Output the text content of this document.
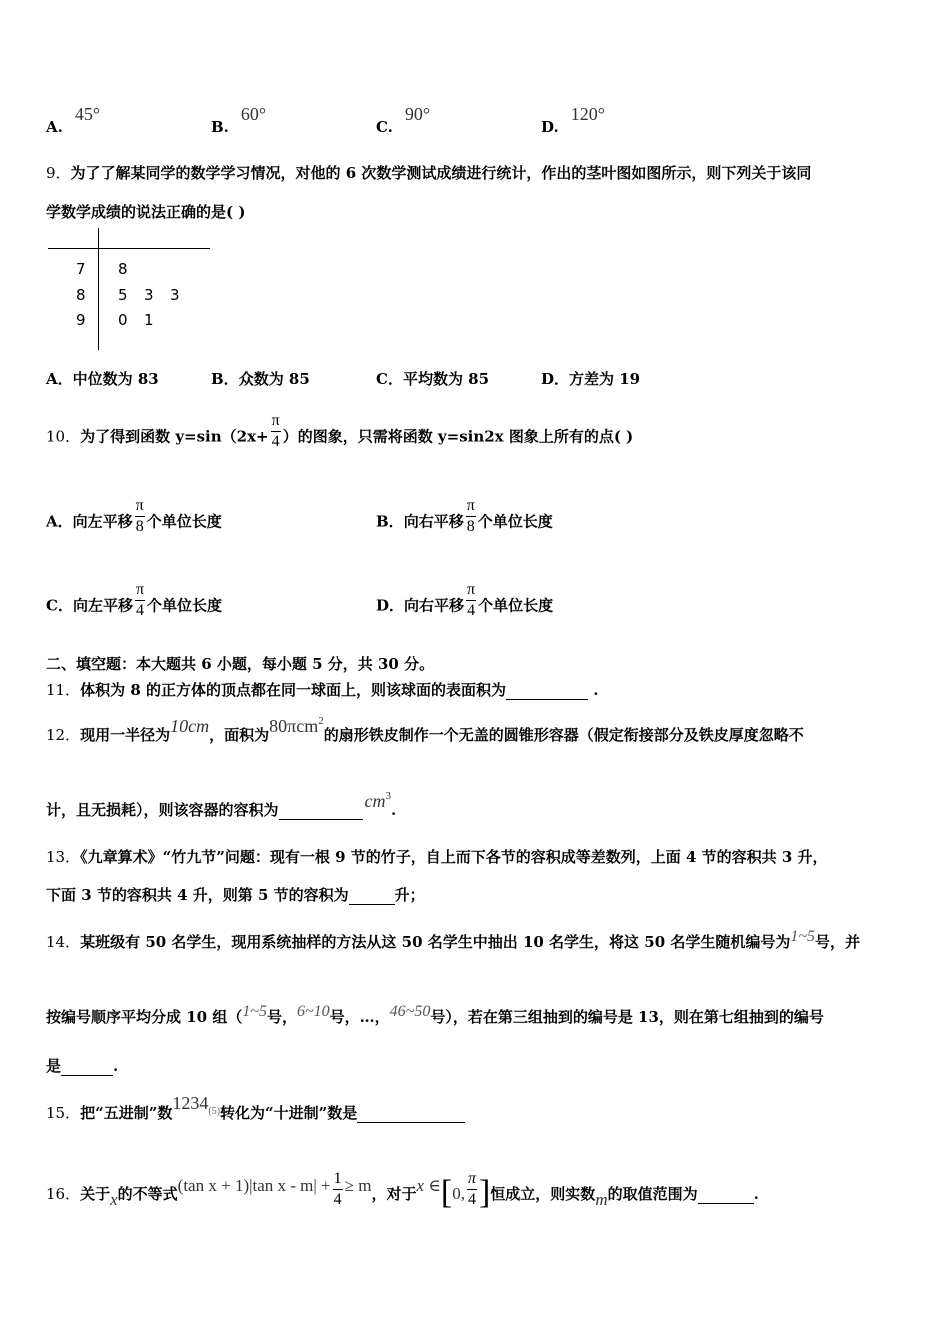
A.45°
B.60°
C.90°
D.120°
9．为了了解某同学的数学学习情况，对他的 6 次数学测试成绩进行统计，作出的茎叶图如图所示，则下列关于该同
学数学成绩的说法正确的是( )
7 8
8 5 3 3
9 0 1
A．中位数为 83	B．众数为 85	C．平均数为 85	D．方差为 19
10．为了得到函数 $y=\sin(2x+ \frac{\pi}{4}$ ）的图象，只需将函数 y=sin2x 图象上所有的点( )
A．向左平移 $\frac{\pi}{8}$ 个单位长度	B．向右平移 $\frac{\pi}{8}$ 个单位长度
C．向左平移 $\frac{\pi}{4}$ 个单位长度	D．向右平移 $\frac{\pi}{4}$ 个单位长度
二、填空题：本大题共 6 小题，每小题 5 分，共 30 分。
11．体积为 8 的正方体的顶点都在同一球面上，则该球面的表面积为	.
12．现用一半径为10cm，面积为80πcm$^2$的扇形铁皮制作一个无盖的圆锥形容器（假定衔接部分及铁皮厚度忽略不
计，且无损耗），则该容器的容积为	$cm^3$.
13．《九章算术》“竹九节”问题：现有一根 9 节的竹子，自上而下各节的容积成等差数列，上面 4 节的容积共 3 升，
下面 3 节的容积共 4 升，则第 5 节的容积为	升；
14．某班级有 50 名学生，现用系统抽样的方法从这 50 名学生中抽出 10 名学生，将这 50 名学生随机编号为1~5号，并
按编号顺序平均分成 10 组（1~5号，6~10号，…，46~50号），若在第三组抽到的编号是 13，则在第七组抽到的编号
是	.
15．把“五进制”数1234$^{(5)}$转化为“十进制”数是
16．关于x的不等式(tan x + 1)|tan $x - m| + \frac{1}{4} \ge m$，对于x ∈[0, $\frac{\pi}{4}$ ]恒成立，则实数m的取值范围为	.
